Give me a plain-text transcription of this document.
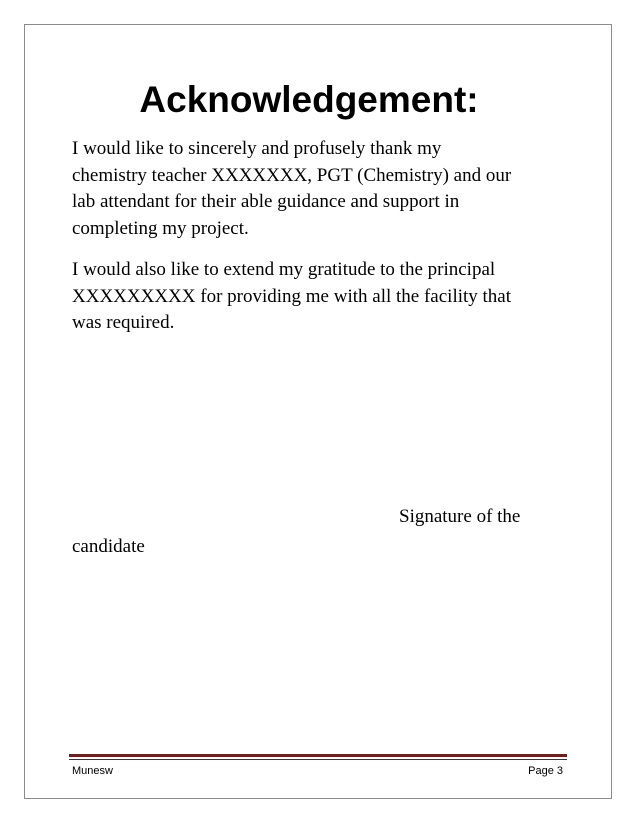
Acknowledgement:

I would like to sincerely and profusely thank my
chemistry teacher XXXXXXX, PGT (Chemistry) and our
lab attendant for their able guidance and support in
completing my project.

I would also like to extend my gratitude to the principal
XXXXXXXXX for providing me with all the facility that
was required.

Signature of the

candidate

Munesw	Page 3
